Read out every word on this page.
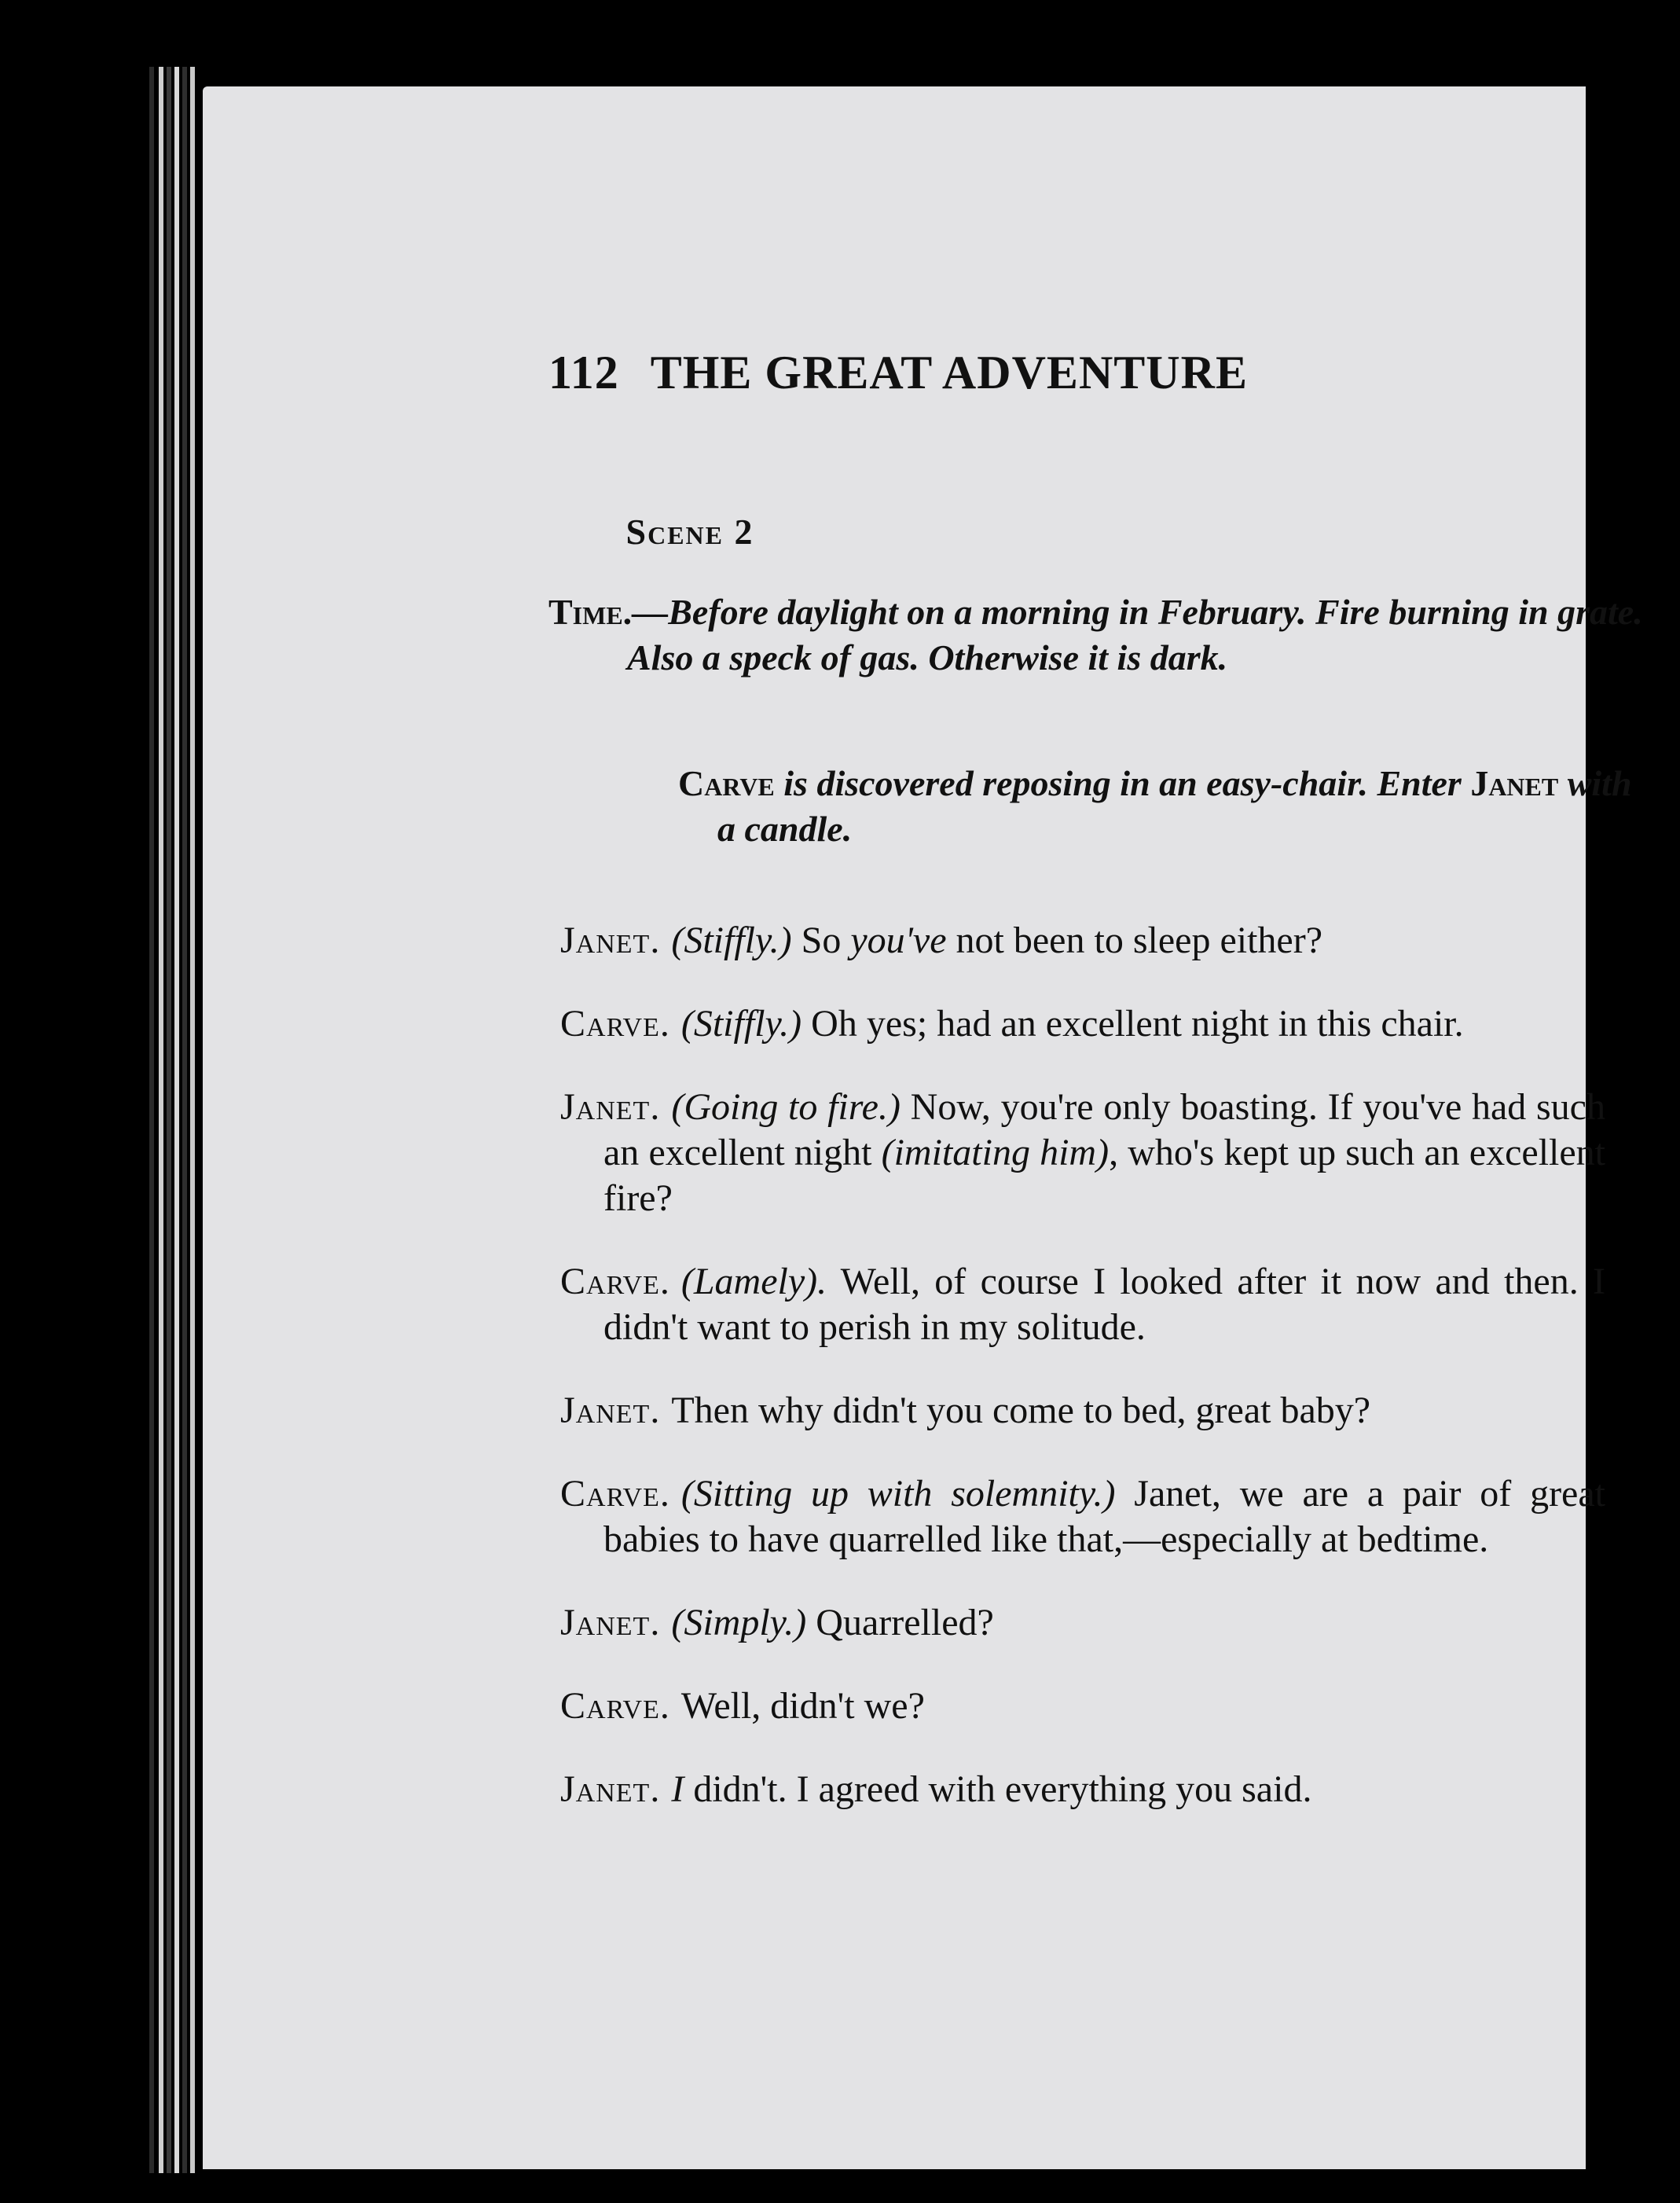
112 THE GREAT ADVENTURE
Scene 2
Time.—Before daylight on a morning in February. Fire burning in grate. Also a speck of gas. Otherwise it is dark.
Carve is discovered reposing in an easy-chair. Enter Janet with a candle.

Janet. (Stiffly.) So you've not been to sleep either?

Carve. (Stiffly.) Oh yes; had an excellent night in this chair.

Janet. (Going to fire.) Now, you're only boasting. If you've had such an excellent night (imitating him), who's kept up such an excellent fire?

Carve. (Lamely). Well, of course I looked after it now and then. I didn't want to perish in my solitude.

Janet. Then why didn't you come to bed, great baby?

Carve. (Sitting up with solemnity.) Janet, we are a pair of great babies to have quarrelled like that,—especially at bedtime.

Janet. (Simply.) Quarrelled?

Carve. Well, didn't we?

Janet. I didn't. I agreed with everything you said.
